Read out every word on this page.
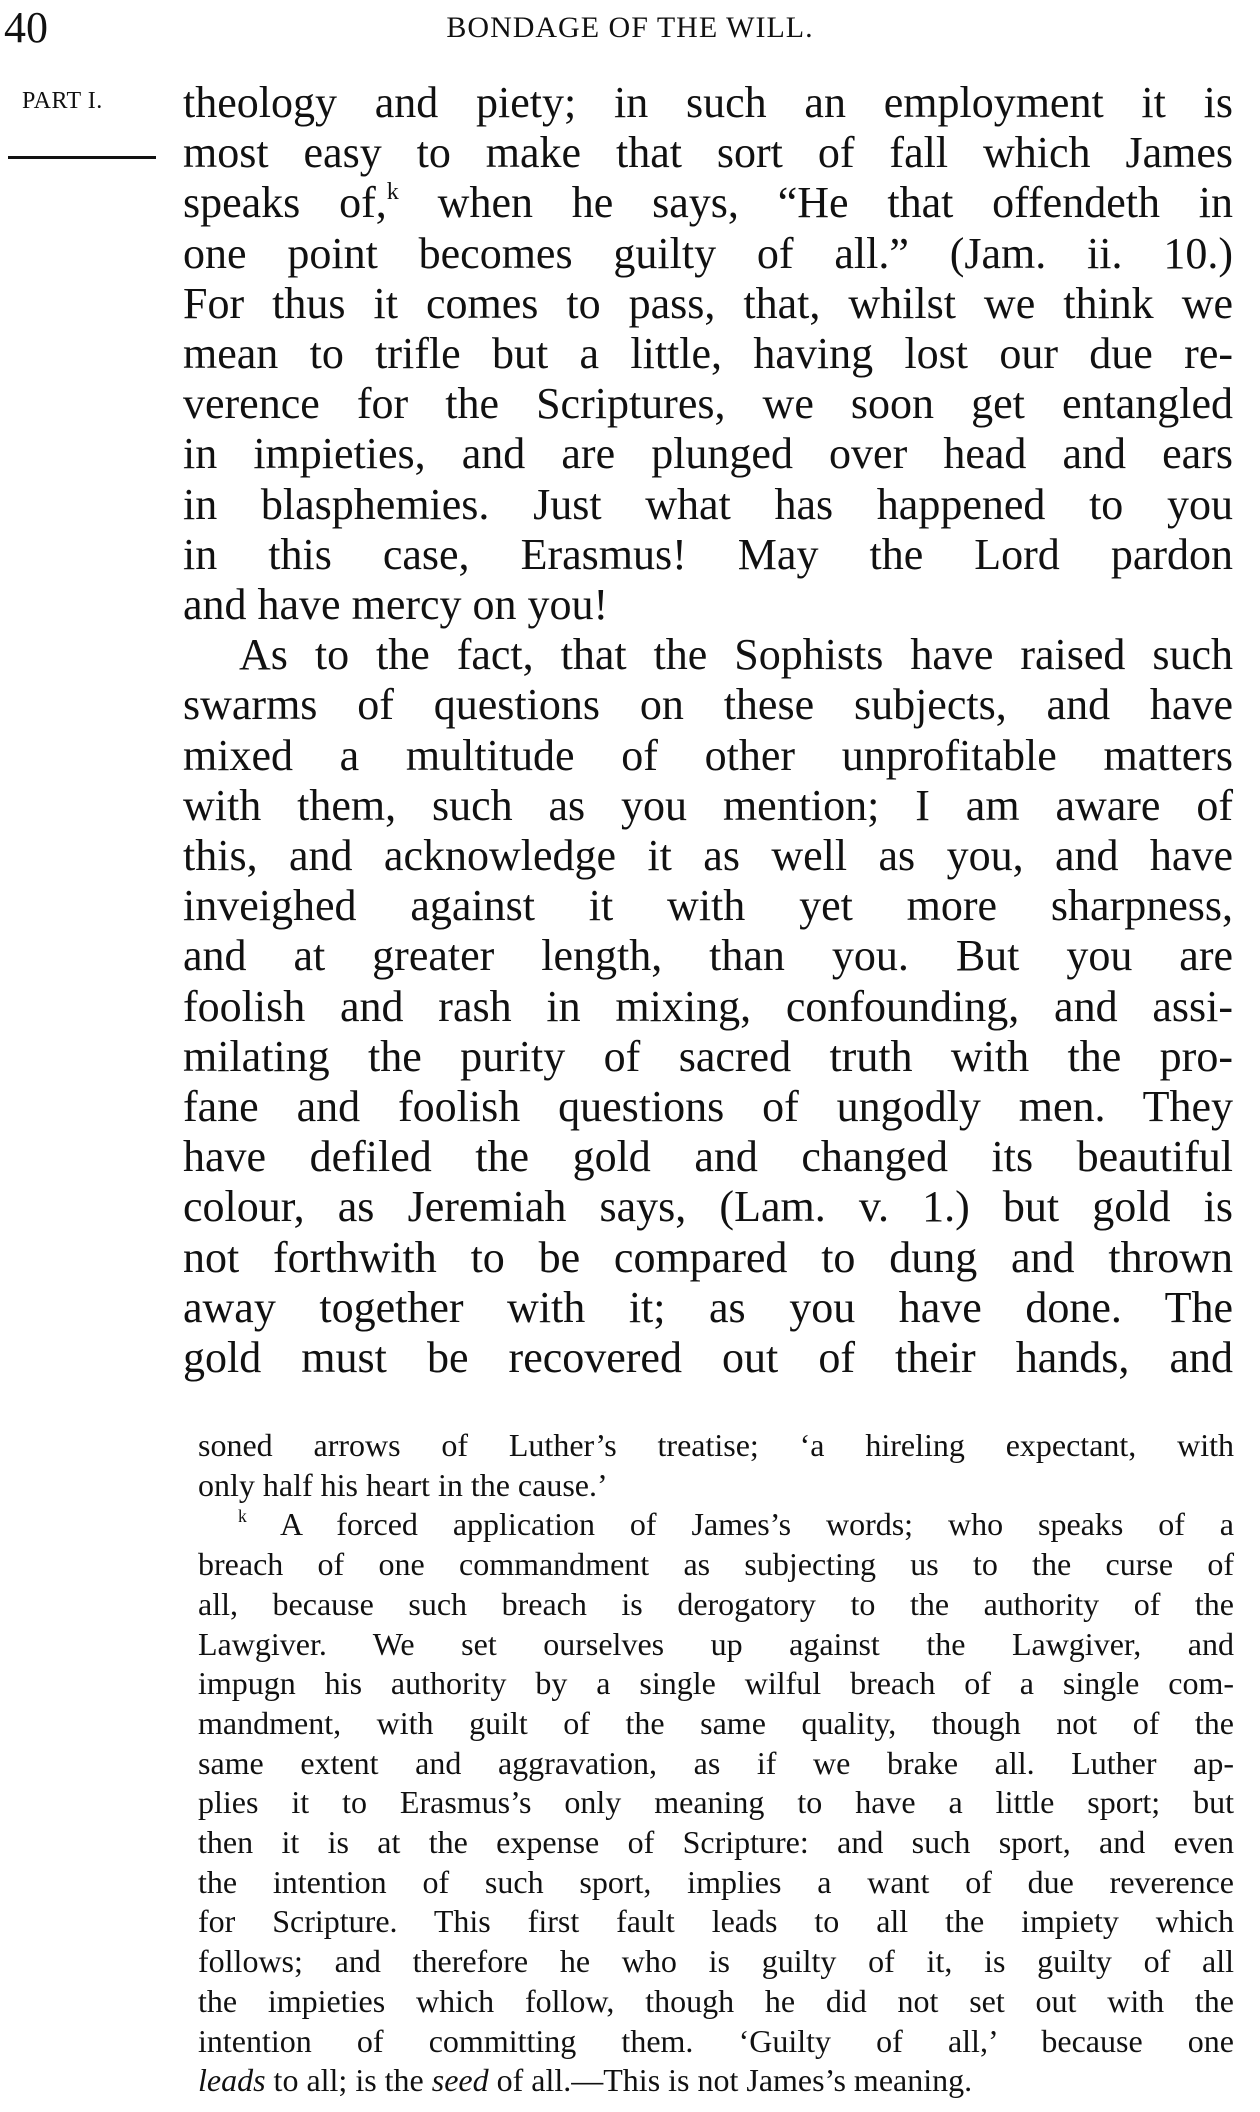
40	BONDAGE OF THE WILL.
PART I. theology and piety; in such an employment it is
most easy to make that sort of fall which James
speaks of,$^k$ when he says, “He that offendeth in
one point becomes guilty of all.” (Jam. ii. 10.)
For thus it comes to pass, that, whilst we think we
mean to trifle but a little, having lost our due re-
verence for the Scriptures, we soon get entangled
in impieties, and are plunged over head and ears
in blasphemies. Just what has happened to you
in this case, Erasmus! May the Lord pardon
and have mercy on you!

As to the fact, that the Sophists have raised such
swarms of questions on these subjects, and have
mixed a multitude of other unprofitable matters
with them, such as you mention; I am aware of
this, and acknowledge it as well as you, and have
inveighed against it with yet more sharpness,
and at greater length, than you. But you are
foolish and rash in mixing, confounding, and assi-
milating the purity of sacred truth with the pro-
fane and foolish questions of ungodly men. They
have defiled the gold and changed its beautiful
colour, as Jeremiah says, (Lam. v. 1.) but gold is
not forthwith to be compared to dung and thrown
away together with it; as you have done. The
gold must be recovered out of their hands, and

soned arrows of Luther’s treatise; ‘a hireling expectant, with
only half his heart in the cause.’
$^k$ A forced application of James’s words; who speaks of a
breach of one commandment as subjecting us to the curse of
all, because such breach is derogatory to the authority of the
Lawgiver. We set ourselves up against the Lawgiver, and
impugn his authority by a single wilful breach of a single com-
mandment, with guilt of the same quality, though not of the
same extent and aggravation, as if we brake all. Luther ap-
plies it to Erasmus’s only meaning to have a little sport; but
then it is at the expense of Scripture: and such sport, and even
the intention of such sport, implies a want of due reverence
for Scripture. This first fault leads to all the impiety which
follows; and therefore he who is guilty of it, is guilty of all
the impieties which follow, though he did not set out with the
intention of committing them. ‘Guilty of all,’ because one
leads to all; is the seed of all.—This is not James’s meaning.
